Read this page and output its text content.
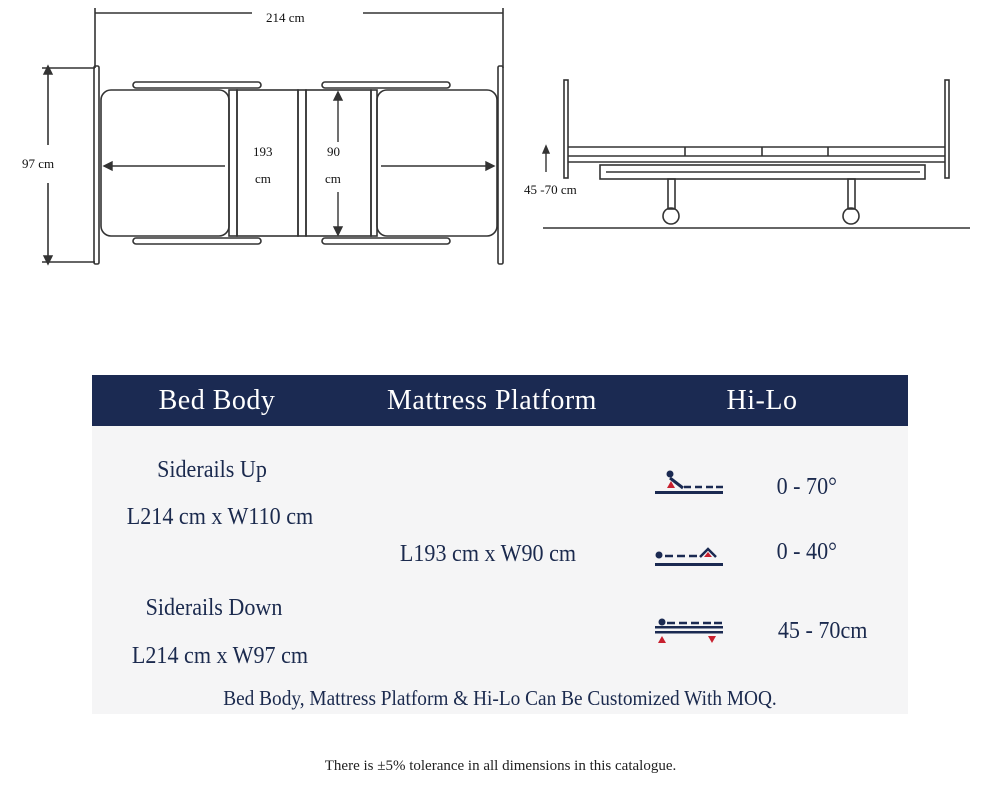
214 cm
97 cm
193
cm
90
cm
45 -70 cm
Bed Body	Mattress Platform	Hi-Lo
Siderails Up
L214 cm x W110 cm
Siderails Down
L214 cm x W97 cm
L193 cm x W90 cm
0 - 70°
0 - 40°
45 - 70cm
Bed Body, Mattress Platform & Hi-Lo Can Be Customized With MOQ.
There is ±5% tolerance in all dimensions in this catalogue.
